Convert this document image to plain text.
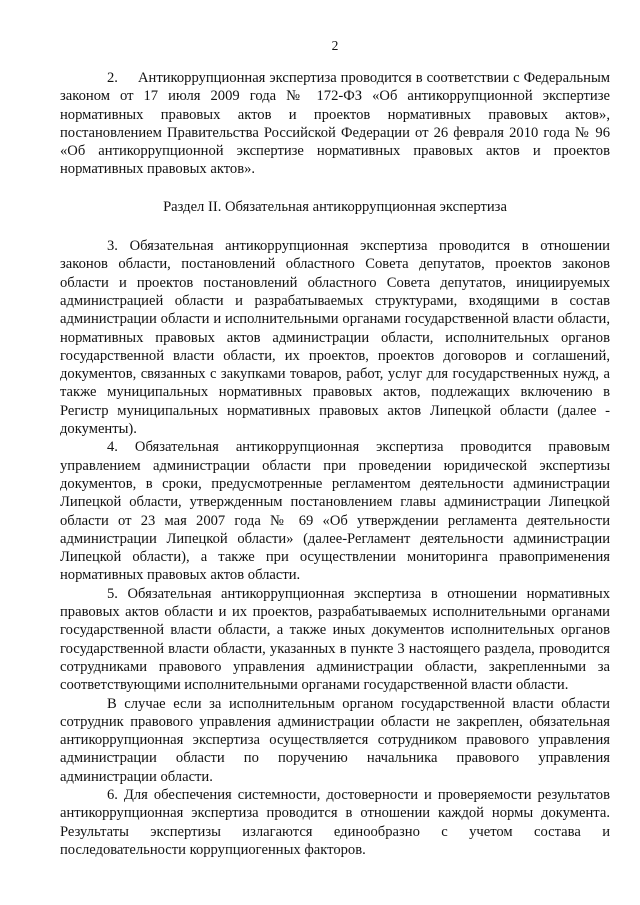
2

2.     Антикоррупционная экспертиза проводится в соответствии с Федеральным законом от 17 июля 2009 года № 172-ФЗ «Об антикоррупционной экспертизе нормативных правовых актов и проектов нормативных правовых актов», постановлением Правительства Российской Федерации от 26 февраля 2010 года № 96 «Об антикоррупционной экспертизе нормативных правовых актов и проектов нормативных правовых актов».

Раздел II. Обязательная антикоррупционная экспертиза

3. Обязательная антикоррупционная экспертиза проводится в отношении законов области, постановлений областного Совета депутатов, проектов законов области и проектов постановлений областного Совета депутатов, инициируемых администрацией области и разрабатываемых структурами, входящими в состав администрации области и исполнительными органами государственной власти области, нормативных правовых актов администрации области, исполнительных органов государственной власти области, их проектов, проектов договоров и соглашений, документов, связанных с закупками товаров, работ, услуг для государственных нужд, а также муниципальных нормативных правовых актов, подлежащих включению в Регистр муниципальных нормативных правовых актов Липецкой области (далее - документы).

4. Обязательная антикоррупционная экспертиза проводится правовым управлением администрации области при проведении юридической экспертизы документов, в сроки, предусмотренные регламентом деятельности администрации Липецкой области, утвержденным постановлением главы администрации Липецкой области от 23 мая 2007 года № 69 «Об утверждении регламента деятельности администрации Липецкой области» (далее-Регламент деятельности администрации Липецкой области), а также при осуществлении мониторинга правоприменения нормативных правовых актов области.

5. Обязательная антикоррупционная экспертиза в отношении нормативных правовых актов области и их проектов, разрабатываемых исполнительными органами государственной власти области, а также иных документов исполнительных органов государственной власти области, указанных в пункте 3 настоящего раздела, проводится сотрудниками правового управления администрации области, закрепленными за соответствующими исполнительными органами государственной власти области.

В случае если за исполнительным органом государственной власти области сотрудник правового управления администрации области не закреплен, обязательная антикоррупционная экспертиза осуществляется сотрудником правового управления администрации области по поручению начальника правового управления администрации области.

6. Для обеспечения системности, достоверности и проверяемости результатов антикоррупционная экспертиза проводится в отношении каждой нормы документа. Результаты экспертизы излагаются единообразно с учетом состава и последовательности коррупциогенных факторов.
